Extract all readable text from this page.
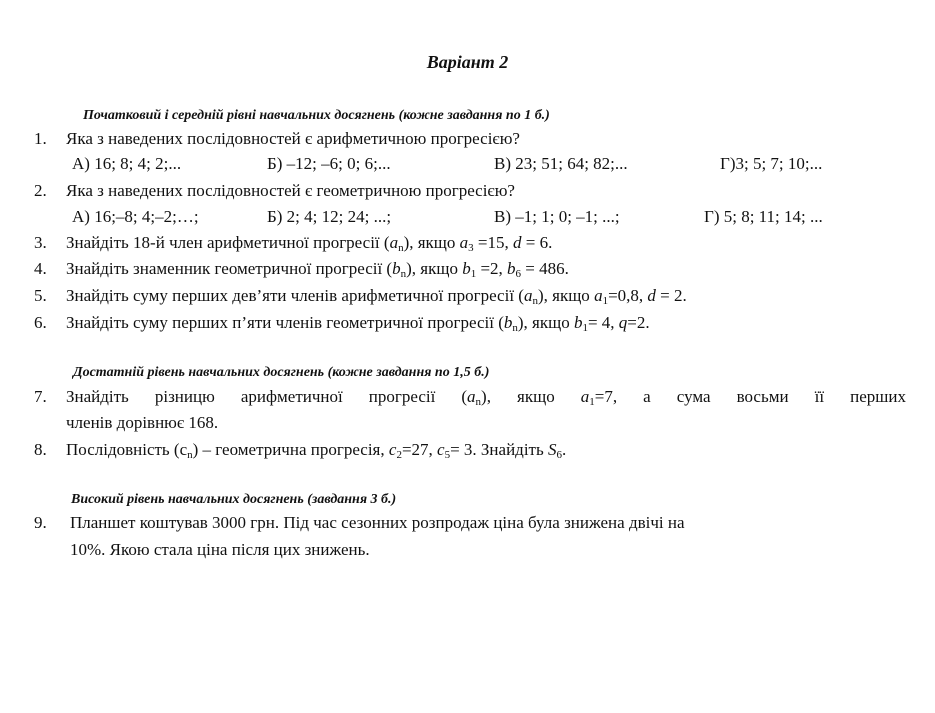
Варіант 2
Початковий і середній рівні навчальних досягнень (кожне завдання по 1 б.)
1. Яка з наведених послідовностей є арифметичною прогресією?
А) 16; 8; 4; 2;...	Б) –12; –6; 0; 6;...	В) 23; 51; 64; 82;...	Г)3; 5; 7; 10;...
2. Яка з наведених послідовностей є геометричною прогресією?
А) 16;–8; 4;–2;…;	Б) 2; 4; 12; 24; ...;	В) –1; 1; 0; –1; ...;	Г) 5; 8; 11; 14; ...
3. Знайдіть 18-й член арифметичної прогресії $(a_n)$, якщо $a_3 =15$, d = 6.
4. Знайдіть знаменник геометричної прогресії $(b_n)$, якщо $b_1 =2$, $b_6 = 486$.
5. Знайдіть суму перших дев’яти членів арифметичної прогресії $(a_n)$, якщо $a_1=0,8$, d = 2.
6. Знайдіть суму перших п’яти членів геометричної прогресії $(b_n)$, якщо $b_1= 4$, q=2.
Достатній рівень навчальних досягнень (кожне завдання по 1,5 б.)
7. Знайдіть різницю арифметичної прогресії $(a_n)$, якщо $a_1=7$, а сума восьми її перших
членів дорівнює 168.
8. Послідовність $(с_n)$ – геометрична прогресія, $c_2=27$, $c_5= 3$. Знайдіть $S_6$.
Високий рівень навчальних досягнень (завдання 3 б.)
9. Планшет коштував 3000 грн. Під час сезонних розпродаж ціна була знижена двічі на
10%. Якою стала ціна після цих знижень.
